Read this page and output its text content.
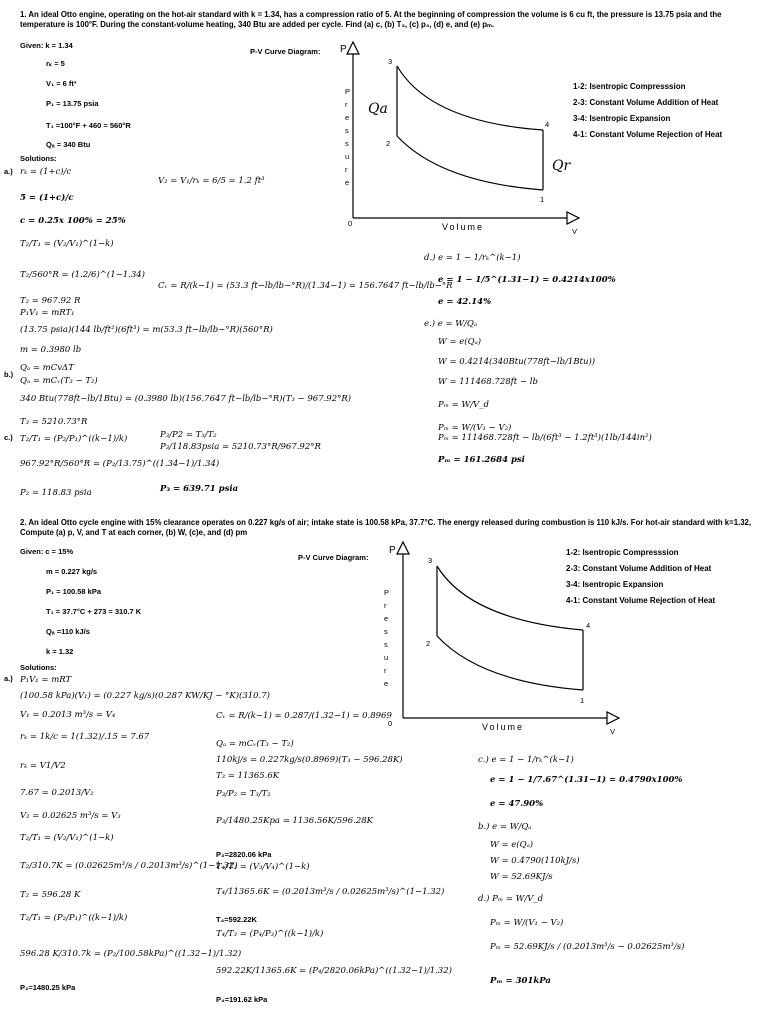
1. An ideal Otto engine, operating on the hot-air standard with k = 1.34, has a compression ratio of 5. At the beginning of compression the volume is 6 cu ft, the pressure is 13.75 psia and the temperature is 100°F. During the constant-volume heating, 340 Btu are added per cycle. Find (a) c, (b) T₃, (c) p₃, (d) e, and (e) pₘ.
Given: k = 1.34
rₖ = 5
V₁ = 6 ft³
P₁ = 13.75 psia
T₁ =100°F + 460 = 560°R
Qₐ = 340 Btu
Solutions:
a.)
b.)
c.)
rₖ = (1+c)/c
5 = (1+c)/c
c = 0.25x 100% = 25%
T₂/T₁ = (V₂/V₁)^(1−k)
T₂/560°R = (1.2/6)^(1−1.34)
T₂ = 967.92 R
P₁V₁ = mRT₁
(13.75 psia)(144 lb/ft²)(6ft³) = m(53.3 ft−lb/lb−°R)(560°R)
m = 0.3980 lb
Qₐ = mCvΔT
Qₐ = mCᵥ(T₃ − T₂)
340 Btu(778ft−lb/1Btu) = (0.3980 lb)(156.7647 ft−lb/lb−°R)(T₃ − 967.92°R)
T₃ = 5210.73°R
T₂/T₁ = (P₂/P₁)^((k−1)/k)
967.92°R/560°R = (P₂/13.75)^((1.34−1)/1.34)
P₂ = 118.83 psia
V₂ = V₁/rₖ = 6/5 = 1.2 ft³
Cᵥ = R/(k−1) = (53.3 ft−lb/lb−°R)/(1.34−1) = 156.7647 ft−lb/lb−°R
P₃/P2 = T₃/T₂
P₃/118.83psia = 5210.73°R/967.92°R
P₃ = 639.71 psia
P-V Curve Diagram: P
P
r
e
s
s
u
r
e
3
2
4
1
Qa
Qr
0	Volume	V
1-2: Isentropic Compresssion
2-3: Constant Volume Addition of Heat
3-4: Isentropic Expansion
4-1: Constant Volume Rejection of Heat
d.) e = 1 − 1/rₖ^(k−1)
e = 1 − 1/5^(1.31−1) = 0.4214x100%
e = 42.14%
e.) e = W/Qₐ
W = e(Qₐ)
W = 0.4214(340Btu(778ft−lb/1Btu))
W = 111468.728ft − lb
Pₘ = W/V_d
Pₘ = W/(V₁ − V₂)
Pₘ = 111468.728ft − lb/(6ft³ − 1.2ft³)(1lb/144in²)
Pₘ = 161.2684 psi
2. An ideal Otto cycle engine with 15% clearance operates on 0.227 kg/s of air; intake state is 100.58 kPa, 37.7°C. The energy released during combustion is 110 kJ/s. For hot-air standard with k=1.32, Compute (a) p, V, and T at each corner, (b) W, (c)e, and (d) pm
Given: c = 15%
m = 0.227 kg/s
P₁ = 100.58 kPa
T₁ = 37.7°C + 273 = 310.7 K
Qₐ =110 kJ/s
k = 1.32
Solutions:
a.) P₁V₁ = mRT
(100.58 kPa)(V₁) = (0.227 kg/s)(0.287 KW/KJ − °K)(310.7)
V₁ = 0.2013 m³/s = V₄
rₖ = 1k/c = 1(1.32)/.15 = 7.67
rₖ = V1/V2
7.67 = 0.2013/V₂
V₂ = 0.02625 m³/s = V₃
T₂/T₁ = (V₂/V₁)^(1−k)
T₂/310.7K = (0.02625m³/s / 0.2013m³/s)^(1−1.32)
T₂ = 596.28 K
T₂/T₁ = (P₂/P₁)^((k−1)/k)
596.28 K/310.7k = (P₂/100.58kPa)^((1.32−1)/1.32)
P₂=1480.25 kPa
Cᵥ = R/(k−1) = 0.287/(1.32−1) = 0.8969
Qₐ = mCᵥ(T₃ − T₂)
110kj/s = 0.227kg/s(0.8969)(T₃ − 596.28K)
T₃ = 11365.6K
P₃/P₂ = T₃/T₂
P₃/1480.25Kpa = 1136.56K/596.28K
P₃=2820.06 kPa
T₄/T₃ = (V₃/V₄)^(1−k)
T₄/11365.6K = (0.2013m³/s / 0.02625m³/s)^(1−1.32)
T₄=592.22K
T₄/T₃ = (P₄/P₃)^((k−1)/k)
592.22K/11365.6K = (P₄/2820.06kPa)^((1.32−1)/1.32)
P₄=191.62 kPa
P-V Curve Diagram:
P
P
r
e
s
s
u
r
e
3
2
4
1
0	Volume	V
1-2: Isentropic Compresssion
2-3: Constant Volume Addition of Heat
3-4: Isentropic Expansion
4-1: Constant Volume Rejection of Heat
c.) e = 1 − 1/rₖ^(k−1)
e = 1 − 1/7.67^(1.31−1) = 0.4790x100%
e = 47.90%
b.) e = W/Qₐ
W = e(Qₐ)
W = 0.4790(110kJ/s)
W = 52.69KJ/s
d.) Pₘ = W/V_d
Pₘ = W/(V₁ − V₂)
Pₘ = 52.69KJ/s / (0.2013m³/s − 0.02625m³/s)
Pₘ = 301kPa
